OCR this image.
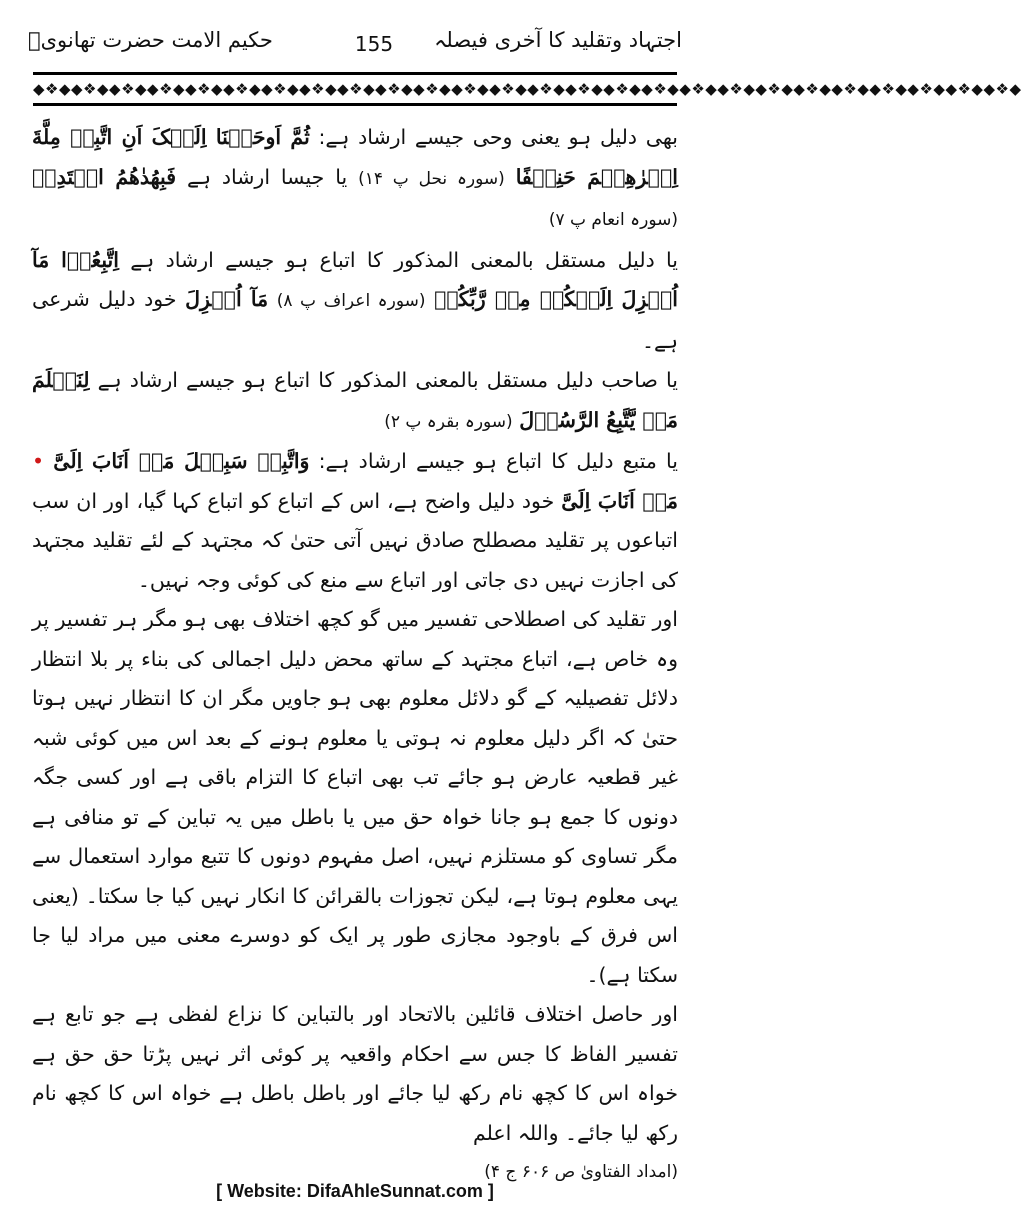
اجتہاد وتقلید کا آخری فیصلہ
155
حکیم الامت حضرت تھانویؒ
◆❖◆◆❖◆◆❖◆◆❖◆◆❖◆◆❖◆◆❖◆◆❖◆◆❖◆◆❖◆◆❖◆◆❖◆◆❖◆◆❖◆◆❖◆◆❖◆◆❖◆◆❖◆◆❖◆◆❖◆◆❖◆◆❖◆◆❖◆◆❖◆◆❖◆◆❖◆

بھی دلیل ہو یعنی وحی جیسے ارشاد ہے: ثُمَّ اَوحَیۡنَا اِلَیۡکَ اَنِ اتَّبِعۡ مِلَّةَ اِبۡرٰھِیۡمَ حَنِیۡفًا (سورہ نحل پ ۱۴) یا جیسا ارشاد ہے فَبِھُدٰھُمُ اقۡتَدِہۡ (سورہ انعام پ ۷)

یا دلیل مستقل بالمعنی المذکور کا اتباع ہو جیسے ارشاد ہے اِتَّبِعُوۡا مَآ اُنۡزِلَ اِلَیۡکُمۡ مِنۡ رَّبِّکُمۡ (سورہ اعراف پ ۸) مَآ اُنۡزِلَ خود دلیل شرعی ہے۔

یا صاحب دلیل مستقل بالمعنی المذکور کا اتباع ہو جیسے ارشاد ہے لِنَعۡلَمَ مَنۡ یَّتَّبِعُ الرَّسُوۡلَ (سورہ بقرہ پ ۲)

یا متبع دلیل کا اتباع ہو جیسے ارشاد ہے: وَاتَّبِعۡ سَبِیۡلَ مَنۡ اَنَابَ اِلَیَّ • مَنۡ اَنَابَ اِلَیَّ خود دلیل واضح ہے، اس کے اتباع کو اتباع کہا گیا، اور ان سب اتباعوں پر تقلید مصطلح صادق نہیں آتی حتیٰ کہ مجتہد کے لئے تقلید مجتہد کی اجازت نہیں دی جاتی اور اتباع سے منع کی کوئی وجہ نہیں۔

اور تقلید کی اصطلاحی تفسیر میں گو کچھ اختلاف بھی ہو مگر ہر تفسیر پر وہ خاص ہے، اتباع مجتہد کے ساتھ محض دلیل اجمالی کی بناء پر بلا انتظار دلائل تفصیلیہ کے گو دلائل معلوم بھی ہو جاویں مگر ان کا انتظار نہیں ہوتا حتیٰ کہ اگر دلیل معلوم نہ ہوتی یا معلوم ہونے کے بعد اس میں کوئی شبہ غیر قطعیہ عارض ہو جائے تب بھی اتباع کا التزام باقی ہے اور کسی جگہ دونوں کا جمع ہو جانا خواہ حق میں یا باطل میں یہ تباین کے تو منافی ہے مگر تساوی کو مستلزم نہیں، اصل مفہوم دونوں کا تتبع موارد استعمال سے یہی معلوم ہوتا ہے، لیکن تجوزات بالقرائن کا انکار نہیں کیا جا سکتا۔ (یعنی اس فرق کے باوجود مجازی طور پر ایک کو دوسرے معنی میں مراد لیا جا سکتا ہے)۔

اور حاصل اختلاف قائلین بالاتحاد اور بالتباین کا نزاع لفظی ہے جو تابع ہے تفسیر الفاظ کا جس سے احکام واقعیہ پر کوئی اثر نہیں پڑتا حق حق ہے خواہ اس کا کچھ نام رکھ لیا جائے اور باطل باطل ہے خواہ اس کا کچھ نام رکھ لیا جائے۔ واللہ اعلم

(امداد الفتاویٰ ص ۶۰۶ ج ۴)

[ Website: DifaAhleSunnat.com ]
